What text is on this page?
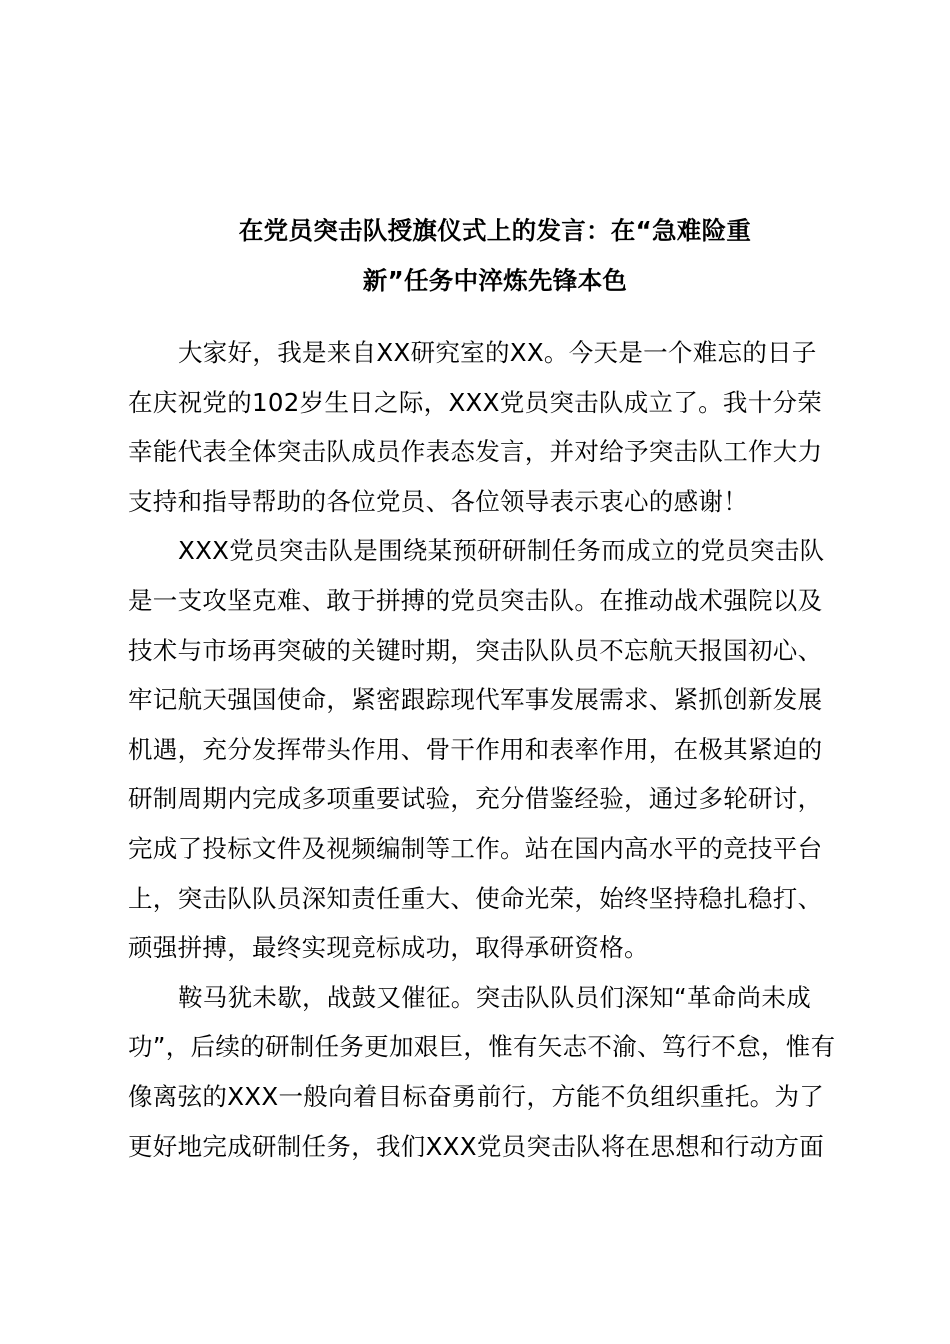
在党员突击队授旗仪式上的发言：在“急难险重
新”任务中淬炼先锋本色
大家好，我是来自XX研究室的XX。今天是一个难忘的日子
在庆祝党的102岁生日之际，XXX党员突击队成立了。我十分荣
幸能代表全体突击队成员作表态发言，并对给予突击队工作大力
支持和指导帮助的各位党员、各位领导表示衷心的感谢！
XXX党员突击队是围绕某预研研制任务而成立的党员突击队
是一支攻坚克难、敢于拼搏的党员突击队。在推动战术强院以及
技术与市场再突破的关键时期，突击队队员不忘航天报国初心、
牢记航天强国使命，紧密跟踪现代军事发展需求、紧抓创新发展
机遇，充分发挥带头作用、骨干作用和表率作用，在极其紧迫的
研制周期内完成多项重要试验，充分借鉴经验，通过多轮研讨，
完成了投标文件及视频编制等工作。站在国内高水平的竞技平台
上，突击队队员深知责任重大、使命光荣，始终坚持稳扎稳打、
顽强拼搏，最终实现竞标成功，取得承研资格。
鞍马犹未歇，战鼓又催征。突击队队员们深知“革命尚未成
功”，后续的研制任务更加艰巨，惟有矢志不渝、笃行不怠，惟有
像离弦的XXX一般向着目标奋勇前行，方能不负组织重托。为了
更好地完成研制任务，我们XXX党员突击队将在思想和行动方面
